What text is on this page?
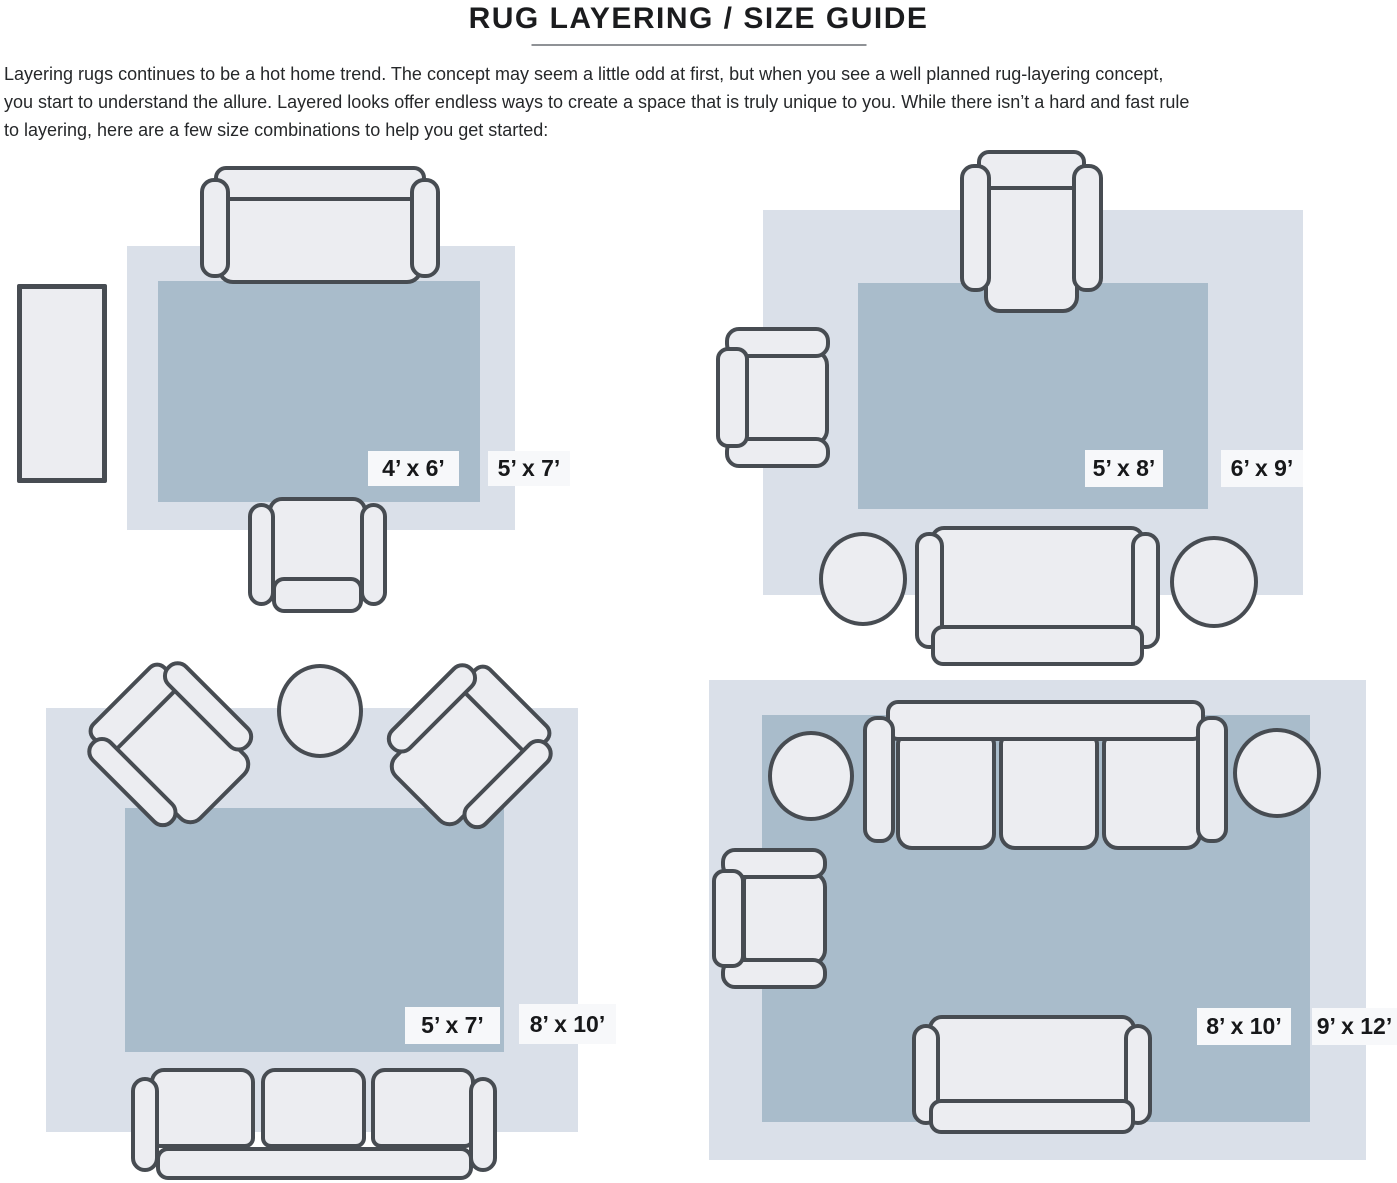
RUG LAYERING / SIZE GUIDE
Layering rugs continues to be a hot home trend. The concept may seem a little odd at first, but when you see a well planned rug-layering concept,
you start to understand the allure. Layered looks offer endless ways to create a space that is truly unique to you. While there isn’t a hard and fast rule
to layering, here are a few size combinations to help you get started:
4’ x 6’	5’ x 7’	5’ x 8’	6’ x 9’
5’ x 7’	8’ x 10’	8’ x 10’	9’ x 12’
